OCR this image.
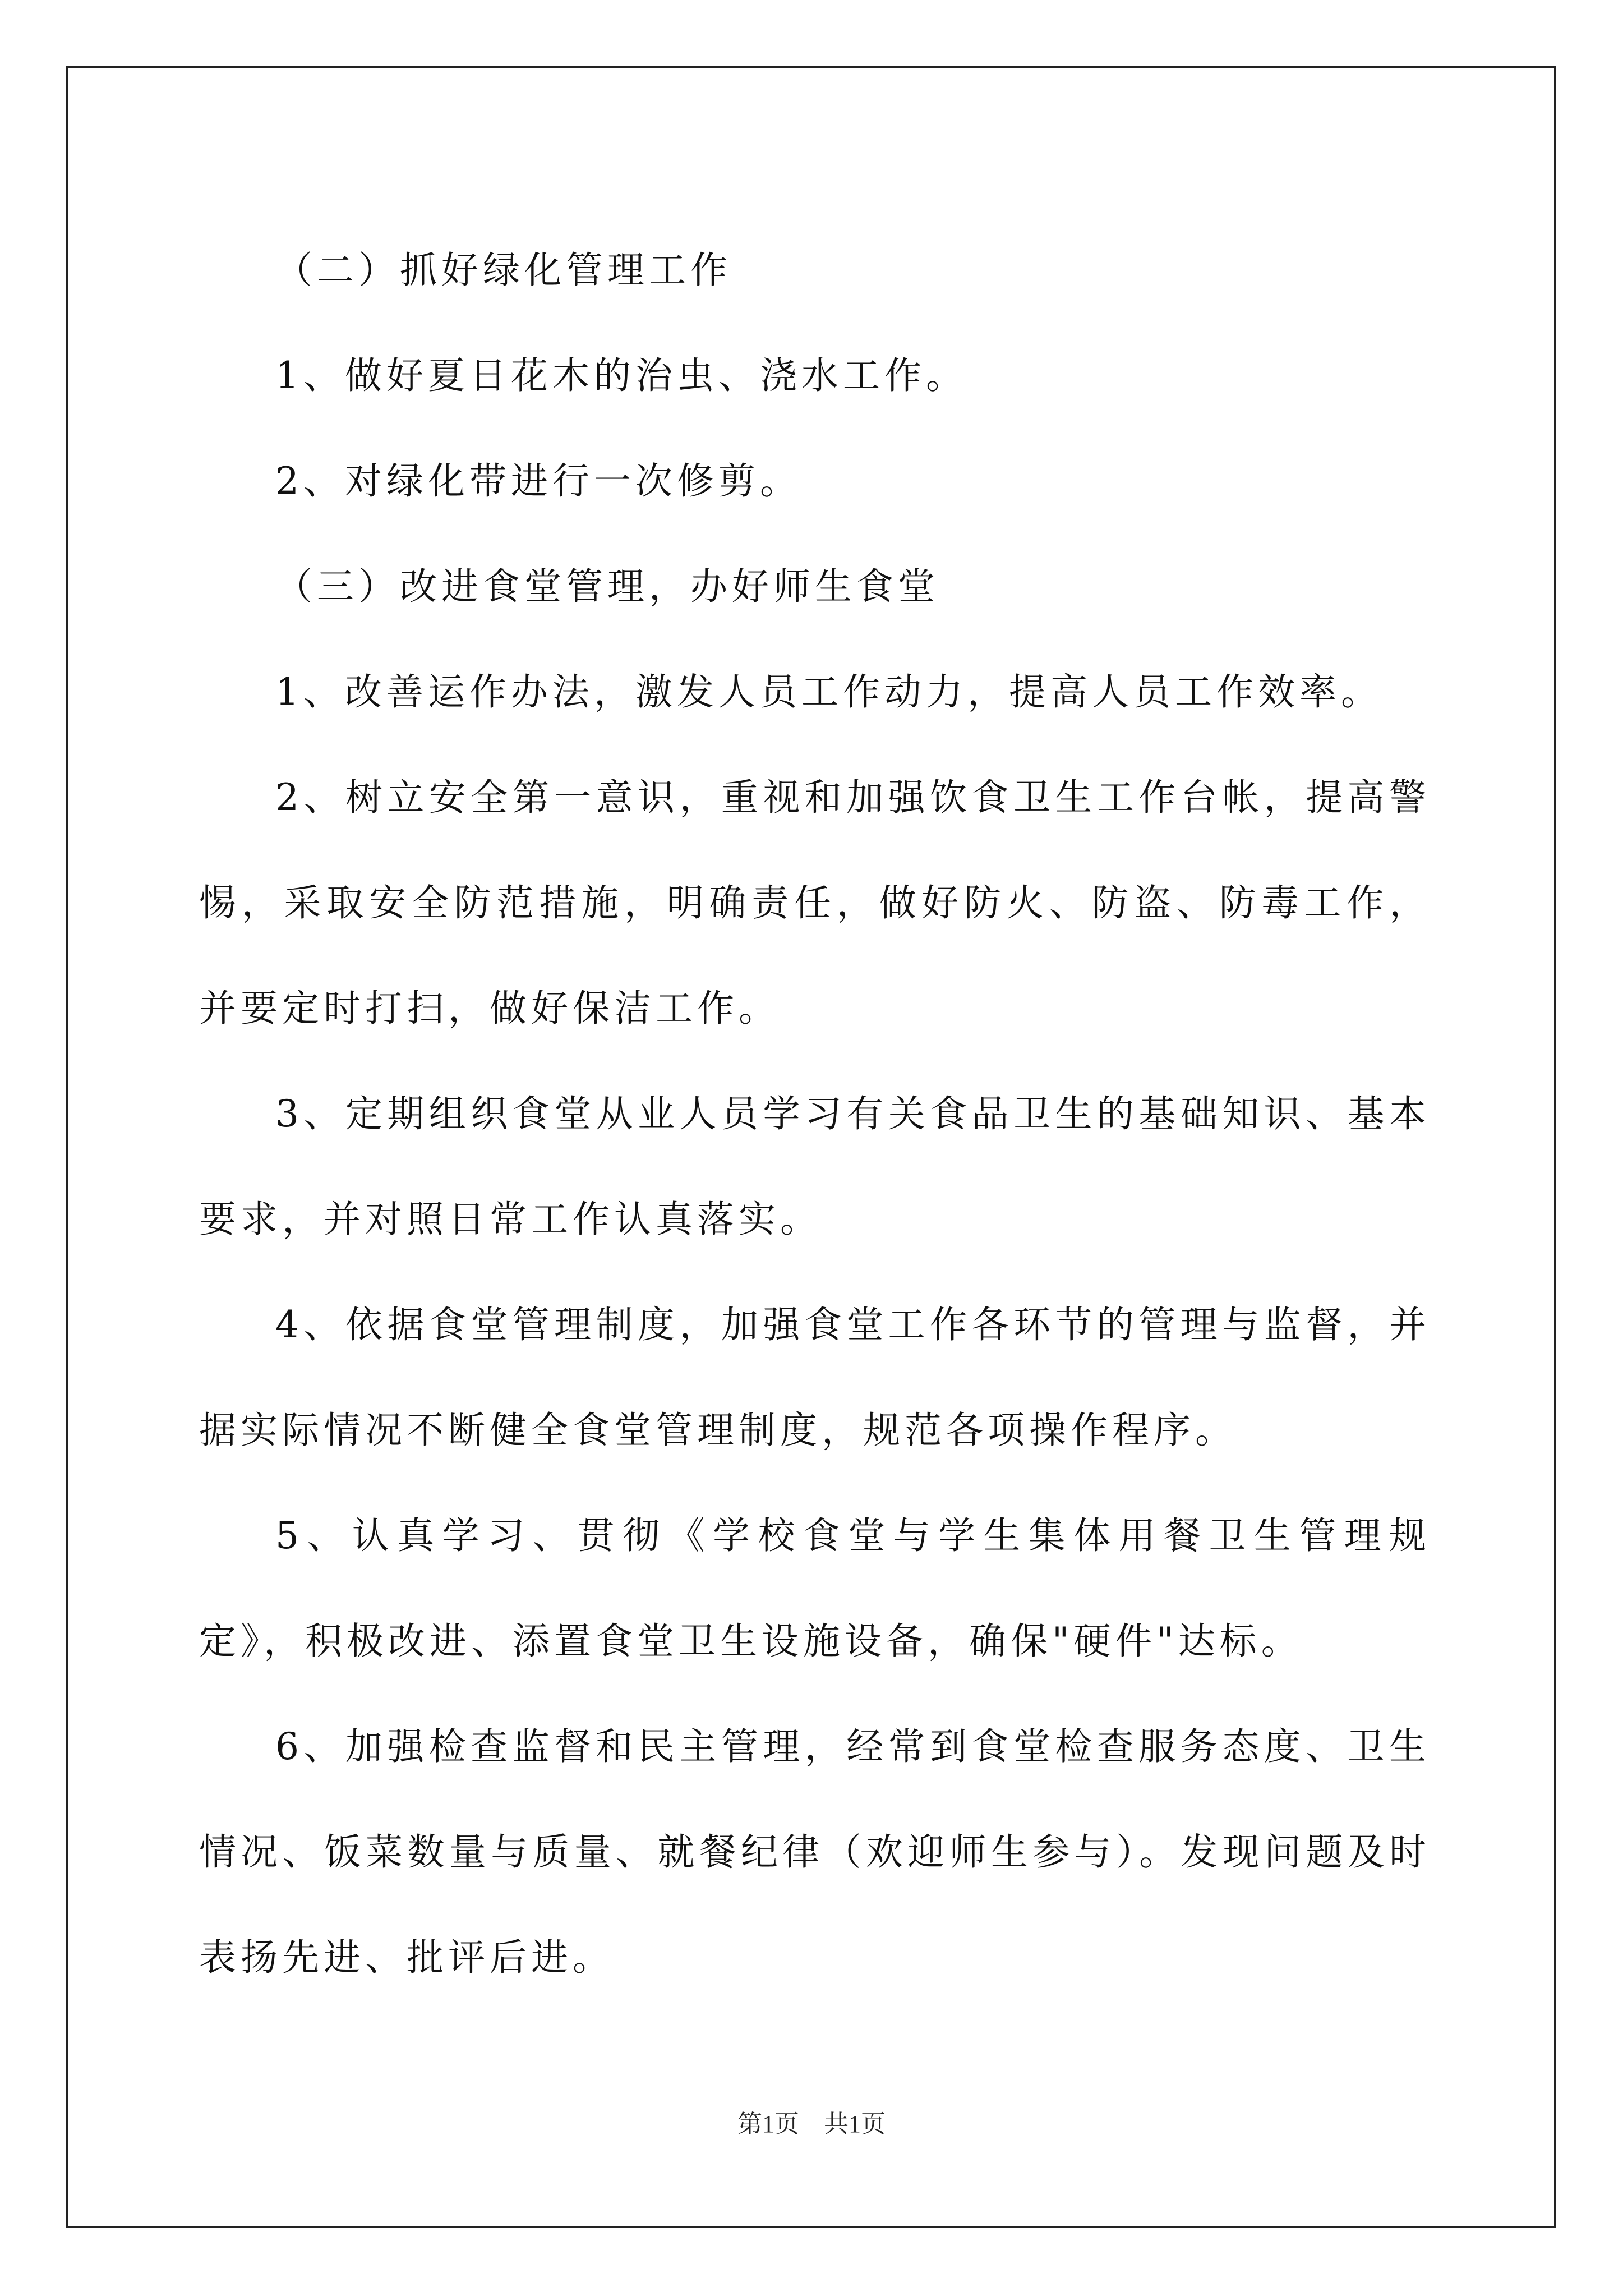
（二）抓好绿化管理工作

1、做好夏日花木的治虫、浇水工作。

2、对绿化带进行一次修剪。

（三）改进食堂管理，办好师生食堂

1、改善运作办法，激发人员工作动力，提高人员工作效率。

2、树立安全第一意识，重视和加强饮食卫生工作台帐，提高警惕，采取安全防范措施，明确责任，做好防火、防盗、防毒工作，并要定时打扫，做好保洁工作。

3、定期组织食堂从业人员学习有关食品卫生的基础知识、基本要求，并对照日常工作认真落实。

4、依据食堂管理制度，加强食堂工作各环节的管理与监督，并据实际情况不断健全食堂管理制度，规范各项操作程序。

5、认真学习、贯彻《学校食堂与学生集体用餐卫生管理规定》，积极改进、添置食堂卫生设施设备，确保"硬件"达标。

6、加强检查监督和民主管理，经常到食堂检查服务态度、卫生情况、饭菜数量与质量、就餐纪律（欢迎师生参与）。发现问题及时表扬先进、批评后进。

第1页　共1页
